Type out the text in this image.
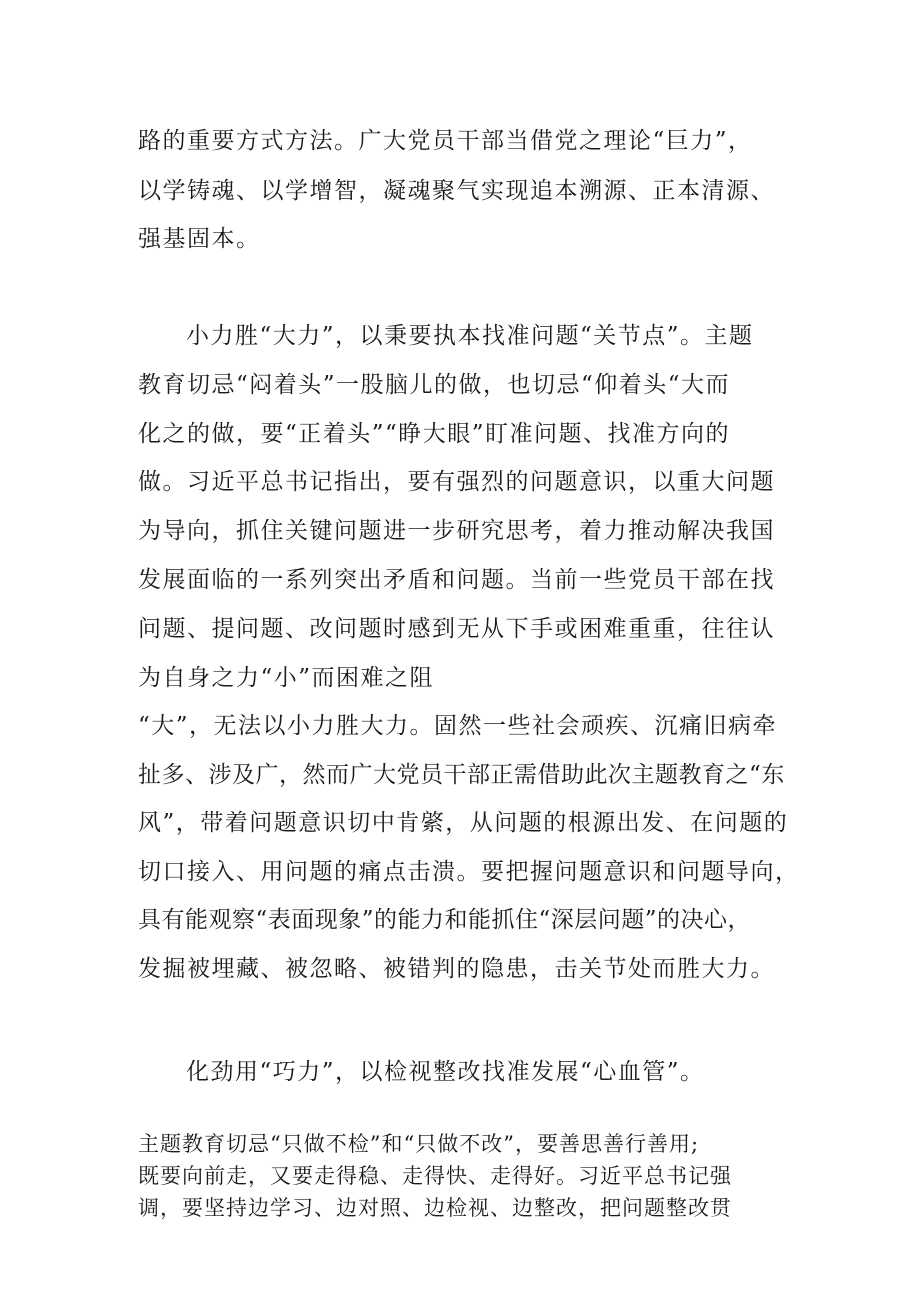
路的重要方式方法。广大党员干部当借党之理论“巨力”，
以学铸魂、以学增智，凝魂聚气实现追本溯源、正本清源、
强基固本。
小力胜“大力”，以秉要执本找准问题“关节点”。主题
教育切忌“闷着头”一股脑儿的做，也切忌“仰着头“大而
化之的做，要“正着头”“睁大眼”盯准问题、找准方向的
做。习近平总书记指出，要有强烈的问题意识，以重大问题
为导向，抓住关键问题进一步研究思考，着力推动解决我国
发展面临的一系列突出矛盾和问题。当前一些党员干部在找
问题、提问题、改问题时感到无从下手或困难重重，往往认
为自身之力“小”而困难之阻
“大”，无法以小力胜大力。固然一些社会顽疾、沉痛旧病牵
扯多、涉及广，然而广大党员干部正需借助此次主题教育之“东
风”，带着问题意识切中肯綮，从问题的根源出发、在问题的
切口接入、用问题的痛点击溃。要把握问题意识和问题导向，
具有能观察“表面现象”的能力和能抓住“深层问题”的决心，
发掘被埋藏、被忽略、被错判的隐患，击关节处而胜大力。
化劲用“巧力”，以检视整改找准发展“心血管”。
主题教育切忌“只做不检”和“只做不改”，要善思善行善用;
既要向前走，又要走得稳、走得快、走得好。习近平总书记强
调，要坚持边学习、边对照、边检视、边整改，把问题整改贯
